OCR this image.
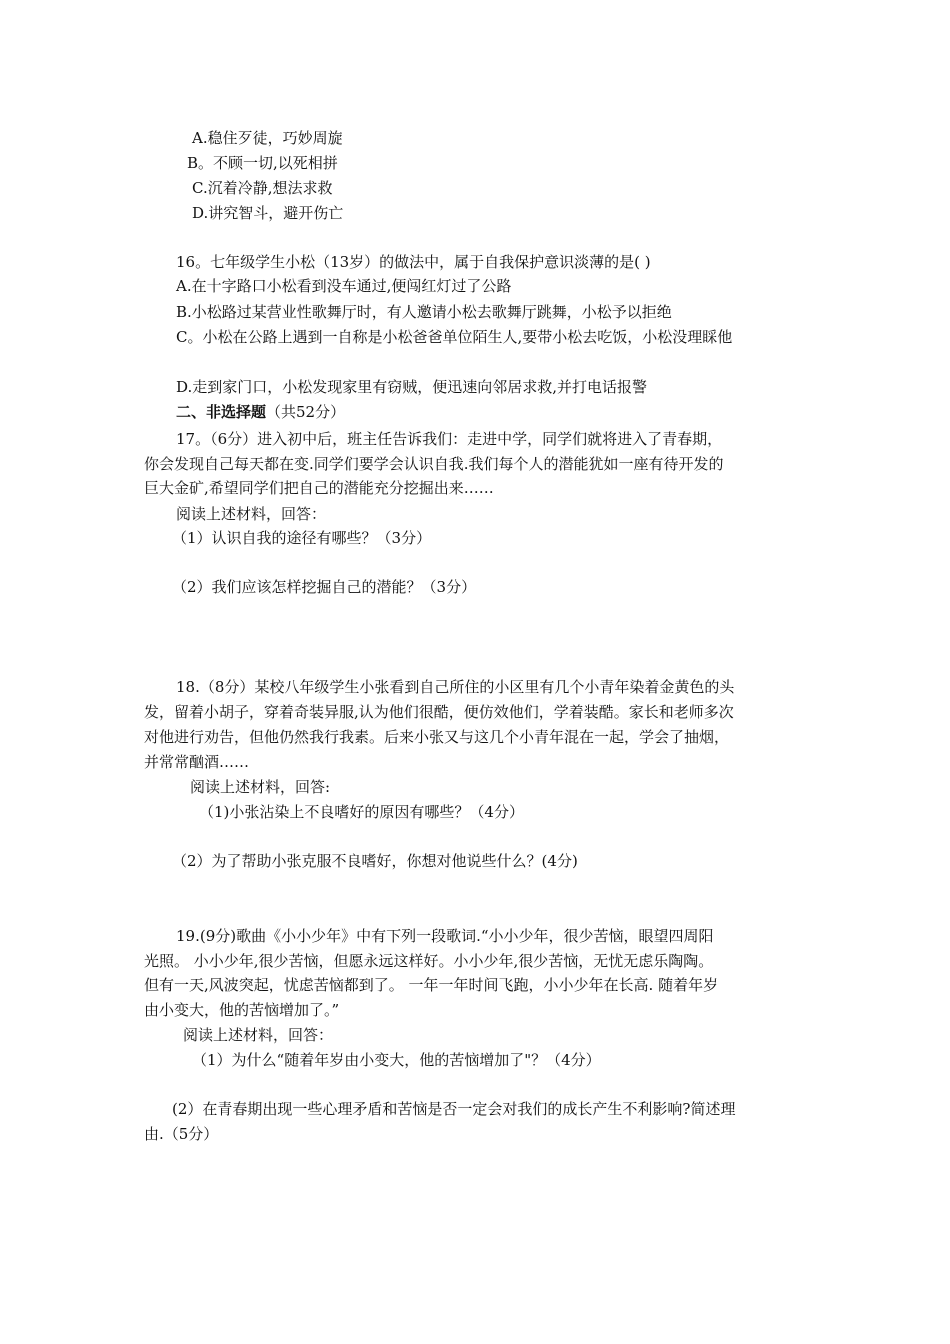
A.稳住歹徒，巧妙周旋
B。不顾一切,以死相拼
C.沉着冷静,想法求救
D.讲究智斗，避开伤亡
16。七年级学生小松（13岁）的做法中，属于自我保护意识淡薄的是( )
A.在十字路口小松看到没车通过,便闯红灯过了公路
B.小松路过某营业性歌舞厅时，有人邀请小松去歌舞厅跳舞，小松予以拒绝
C。小松在公路上遇到一自称是小松爸爸单位陌生人,要带小松去吃饭，小松没理睬他
D.走到家门口，小松发现家里有窃贼，便迅速向邻居求救,并打电话报警
二、非选择题（共52分）
17。（6分）进入初中后，班主任告诉我们：走进中学，同学们就将进入了青春期，
你会发现自己每天都在变.同学们要学会认识自我.我们每个人的潜能犹如一座有待开发的
巨大金矿,希望同学们把自己的潜能充分挖掘出来……
阅读上述材料，回答：
（1）认识自我的途径有哪些？（3分）
（2）我们应该怎样挖掘自己的潜能？（3分）
18.（8分）某校八年级学生小张看到自己所住的小区里有几个小青年染着金黄色的头
发，留着小胡子，穿着奇装异服,认为他们很酷，便仿效他们，学着装酷。家长和老师多次
对他进行劝告，但他仍然我行我素。后来小张又与这几个小青年混在一起，学会了抽烟，
并常常酗酒……
阅读上述材料，回答:
（1)小张沾染上不良嗜好的原因有哪些？（4分）
（2）为了帮助小张克服不良嗜好，你想对他说些什么？(4分)
19.(9分)歌曲《小小少年》中有下列一段歌词.“小小少年，很少苦恼，眼望四周阳
光照。 小小少年,很少苦恼，但愿永远这样好。小小少年,很少苦恼，无忧无虑乐陶陶。
但有一天,风波突起，忧虑苦恼都到了。 一年一年时间飞跑，小小少年在长高. 随着年岁
由小变大，他的苦恼增加了。”
阅读上述材料，回答：
（1）为什么“随着年岁由小变大，他的苦恼增加了"？（4分）
(2）在青春期出现一些心理矛盾和苦恼是否一定会对我们的成长产生不利影响?简述理
由.（5分）
